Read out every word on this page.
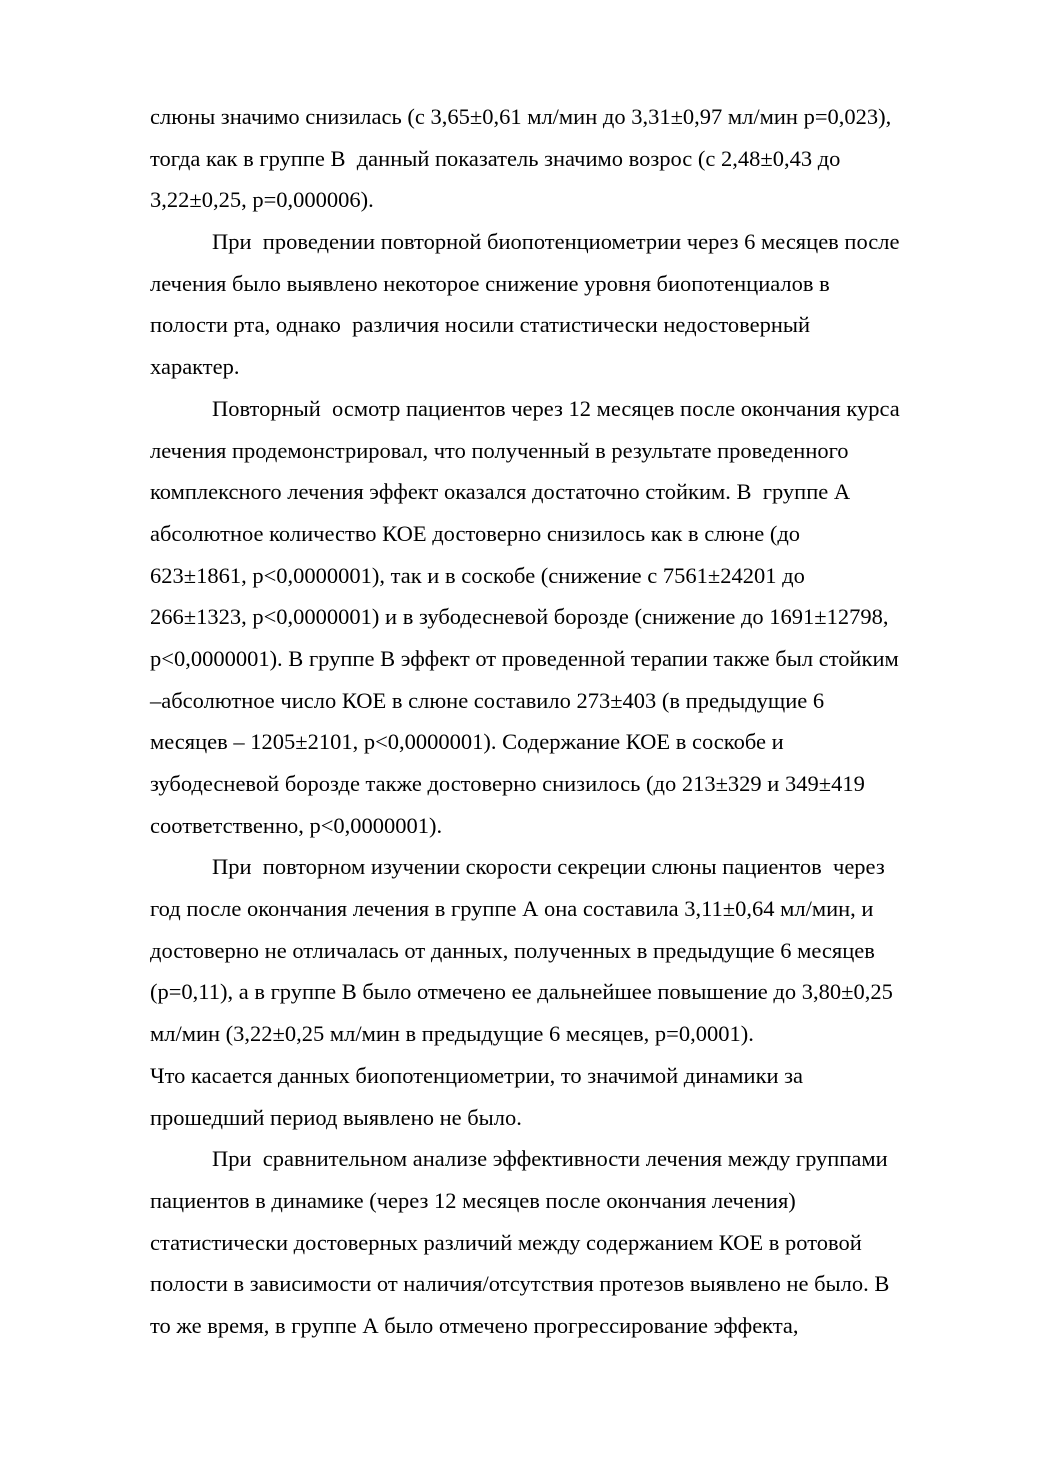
слюны значимо снизилась (с 3,65±0,61 мл/мин до 3,31±0,97 мл/мин р=0,023),
тогда как в группе В  данный показатель значимо возрос (с 2,48±0,43 до
3,22±0,25, р=0,000006).
При  проведении повторной биопотенциометрии через 6 месяцев после
лечения было выявлено некоторое снижение уровня биопотенциалов в
полости рта, однако  различия носили статистически недостоверный
характер.
Повторный  осмотр пациентов через 12 месяцев после окончания курса
лечения продемонстрировал, что полученный в результате проведенного
комплексного лечения эффект оказался достаточно стойким. В  группе А
абсолютное количество КОЕ достоверно снизилось как в слюне (до
623±1861, p<0,0000001), так и в соскобе (снижение с 7561±24201 до
266±1323, p<0,0000001) и в зубодесневой борозде (снижение до 1691±12798,
p<0,0000001). В группе В эффект от проведенной терапии также был стойким
–абсолютное число КОЕ в слюне составило 273±403 (в предыдущие 6
месяцев – 1205±2101, p<0,0000001). Содержание КОЕ в соскобе и
зубодесневой борозде также достоверно снизилось (до 213±329 и 349±419
соответственно, p<0,0000001).
При  повторном изучении скорости секреции слюны пациентов  через
год после окончания лечения в группе А она составила 3,11±0,64 мл/мин, и
достоверно не отличалась от данных, полученных в предыдущие 6 месяцев
(p=0,11), а в группе В было отмечено ее дальнейшее повышение до 3,80±0,25
мл/мин (3,22±0,25 мл/мин в предыдущие 6 месяцев, р=0,0001).
Что касается данных биопотенциометрии, то значимой динамики за
прошедший период выявлено не было.
При  сравнительном анализе эффективности лечения между группами
пациентов в динамике (через 12 месяцев после окончания лечения)
статистически достоверных различий между содержанием КОЕ в ротовой
полости в зависимости от наличия/отсутствия протезов выявлено не было. В
то же время, в группе А было отмечено прогрессирование эффекта,
